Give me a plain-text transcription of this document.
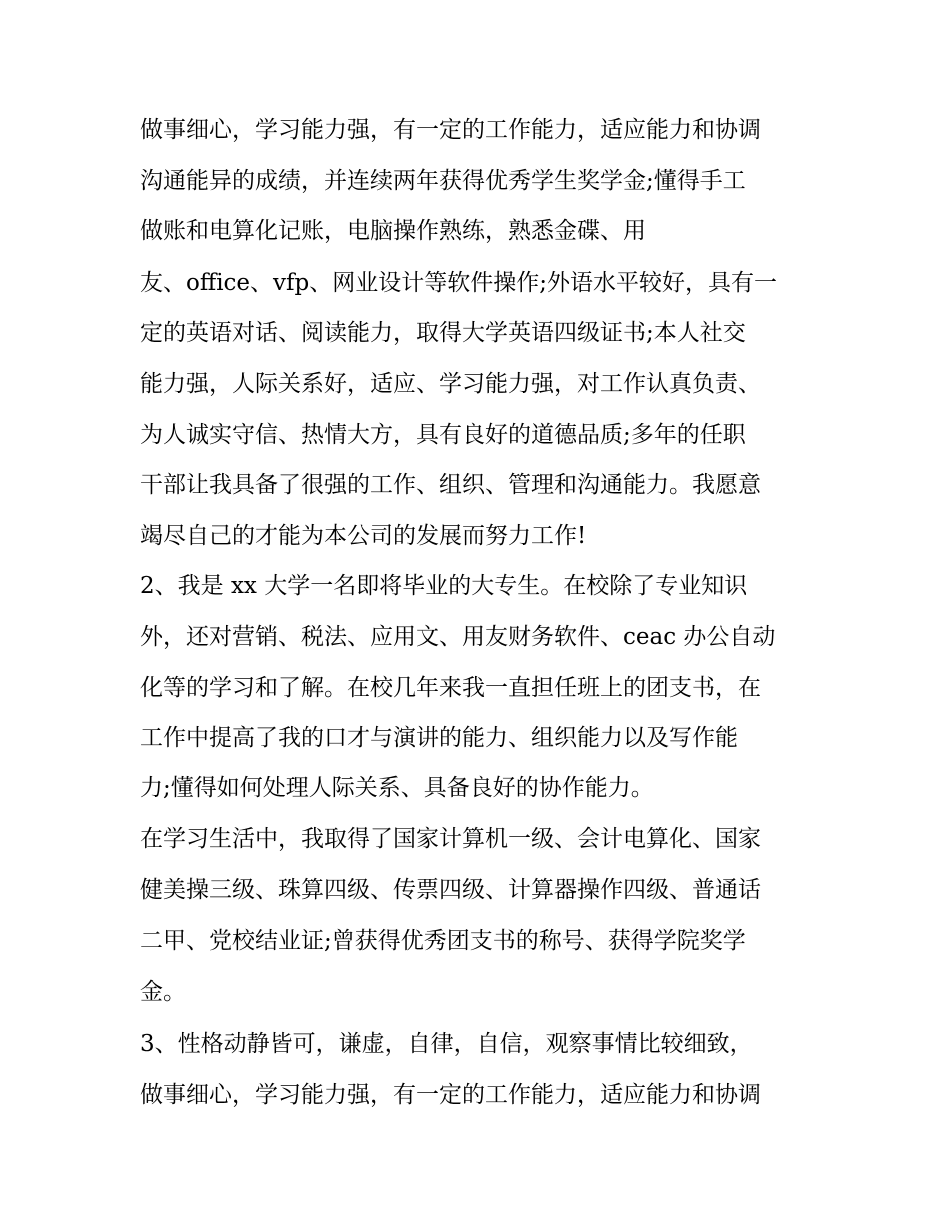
做事细心，学习能力强，有一定的工作能力，适应能力和协调

沟通能异的成绩，并连续两年获得优秀学生奖学金;懂得手工

做账和电算化记账，电脑操作熟练，熟悉金碟、用

友、office、vfp、网业设计等软件操作;外语水平较好，具有一

定的英语对话、阅读能力，取得大学英语四级证书;本人社交

能力强，人际关系好，适应、学习能力强，对工作认真负责、

为人诚实守信、热情大方，具有良好的道德品质;多年的任职

干部让我具备了很强的工作、组织、管理和沟通能力。我愿意

竭尽自己的才能为本公司的发展而努力工作!

2、我是 xx 大学一名即将毕业的大专生。在校除了专业知识

外，还对营销、税法、应用文、用友财务软件、ceac 办公自动

化等的学习和了解。在校几年来我一直担任班上的团支书，在

工作中提高了我的口才与演讲的能力、组织能力以及写作能

力;懂得如何处理人际关系、具备良好的协作能力。

在学习生活中，我取得了国家计算机一级、会计电算化、国家

健美操三级、珠算四级、传票四级、计算器操作四级、普通话

二甲、党校结业证;曾获得优秀团支书的称号、获得学院奖学

金。

3、性格动静皆可，谦虚，自律，自信，观察事情比较细致，

做事细心，学习能力强，有一定的工作能力，适应能力和协调
